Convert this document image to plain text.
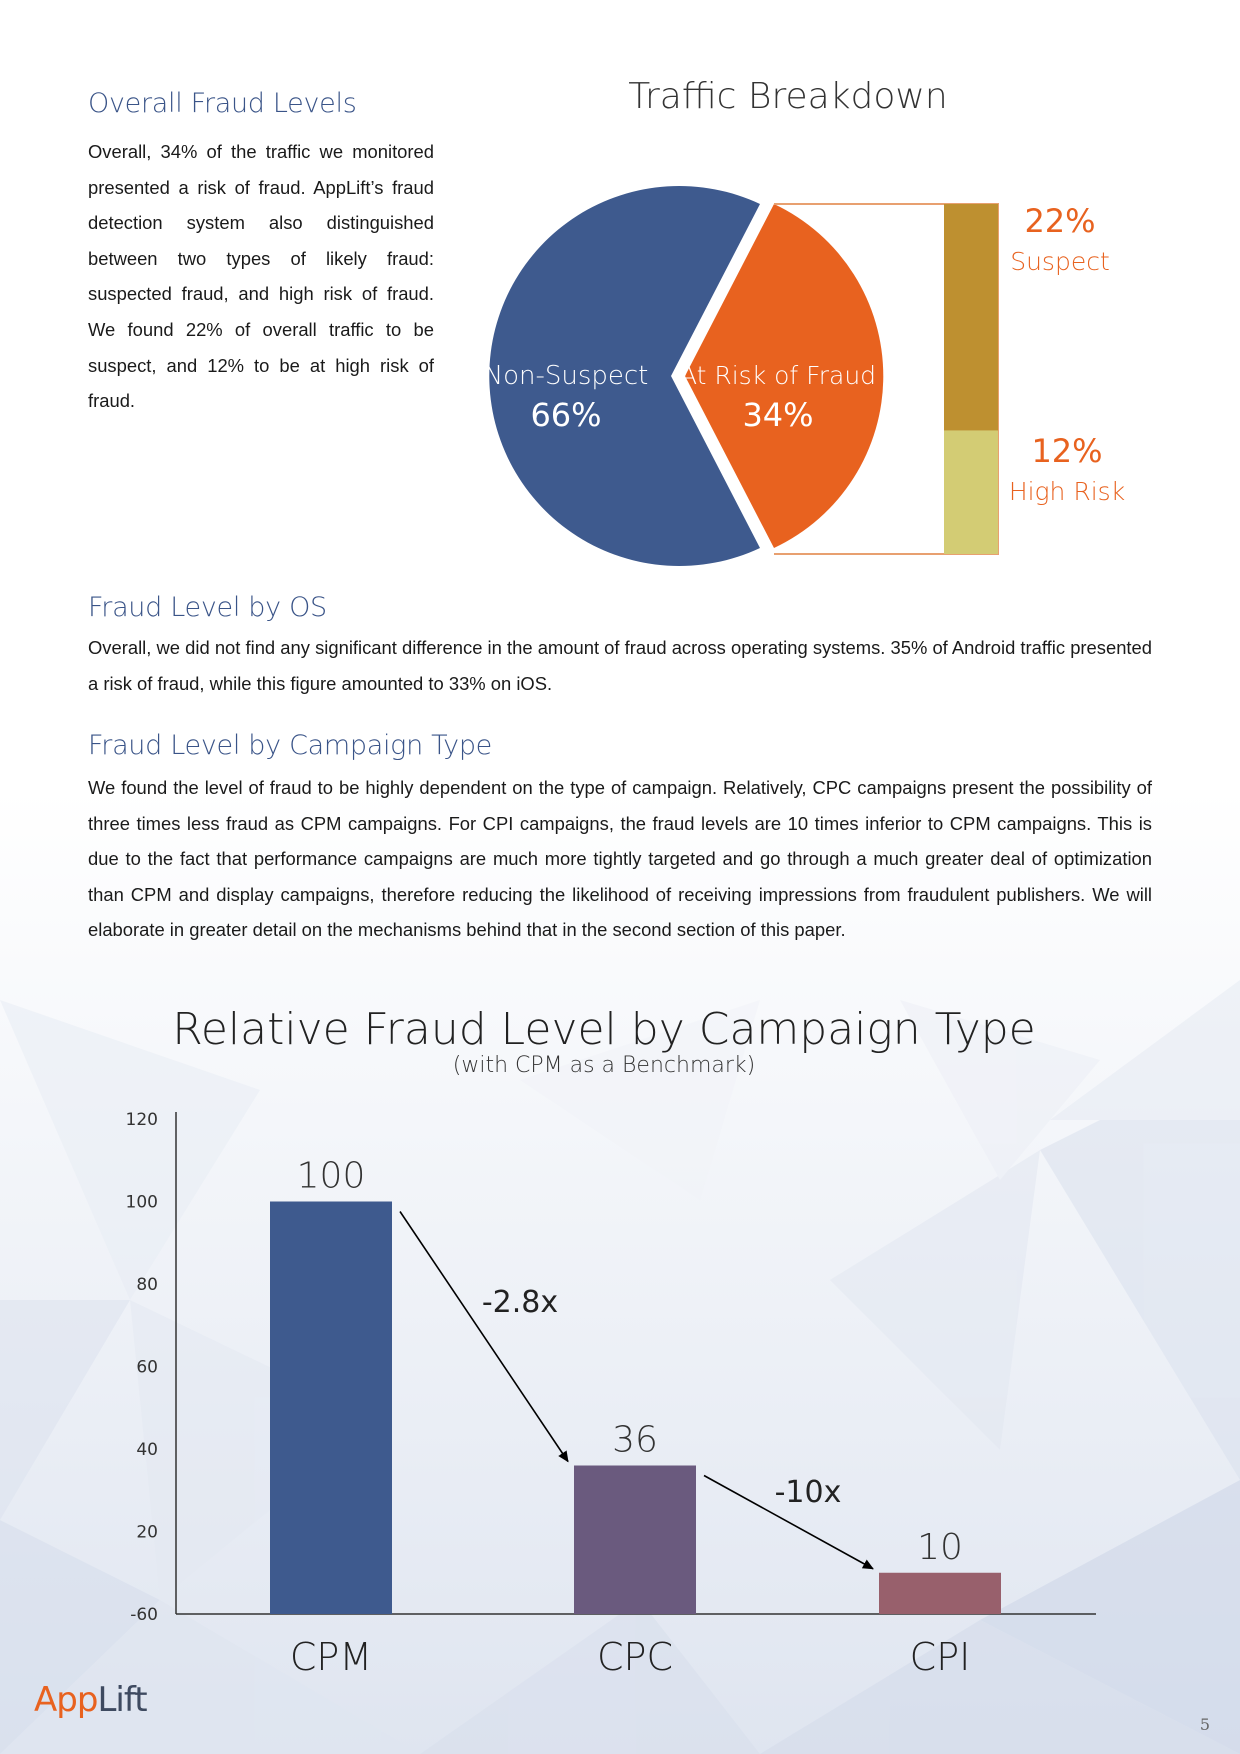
Overall Fraud Levels
Overall, 34% of the traffic we monitored presented a risk of fraud. AppLift’s fraud detection system also distinguished between two types of likely fraud: suspected fraud, and high risk of fraud. We found 22% of overall traffic to be suspect, and 12% to be at high risk of fraud.
Traffic Breakdown
Non-Suspect
66%
At Risk of Fraud
34%
22%
Suspect
12%
High Risk
Fraud Level by OS
Overall, we did not find any significant difference in the amount of fraud across operating systems. 35% of Android traffic presented a risk of fraud, while this figure amounted to 33% on iOS.
Fraud Level by Campaign Type
We found the level of fraud to be highly dependent on the type of campaign. Relatively, CPC campaigns present the possibility of three times less fraud as CPM campaigns. For CPI campaigns, the fraud levels are 10 times inferior to CPM campaigns. This is due to the fact that performance campaigns are much more tightly targeted and go through a much greater deal of optimization than CPM and display campaigns, therefore reducing the likelihood of receiving impressions from fraudulent publishers. We will elaborate in greater detail on the mechanisms behind that in the second section of this paper.
Relative Fraud Level by Campaign Type
(with CPM as a Benchmark)
-60
20
40
60
80
100
120
100
CPM
36
CPC
10
CPI
-2.8x
-10x
AppLift
5
